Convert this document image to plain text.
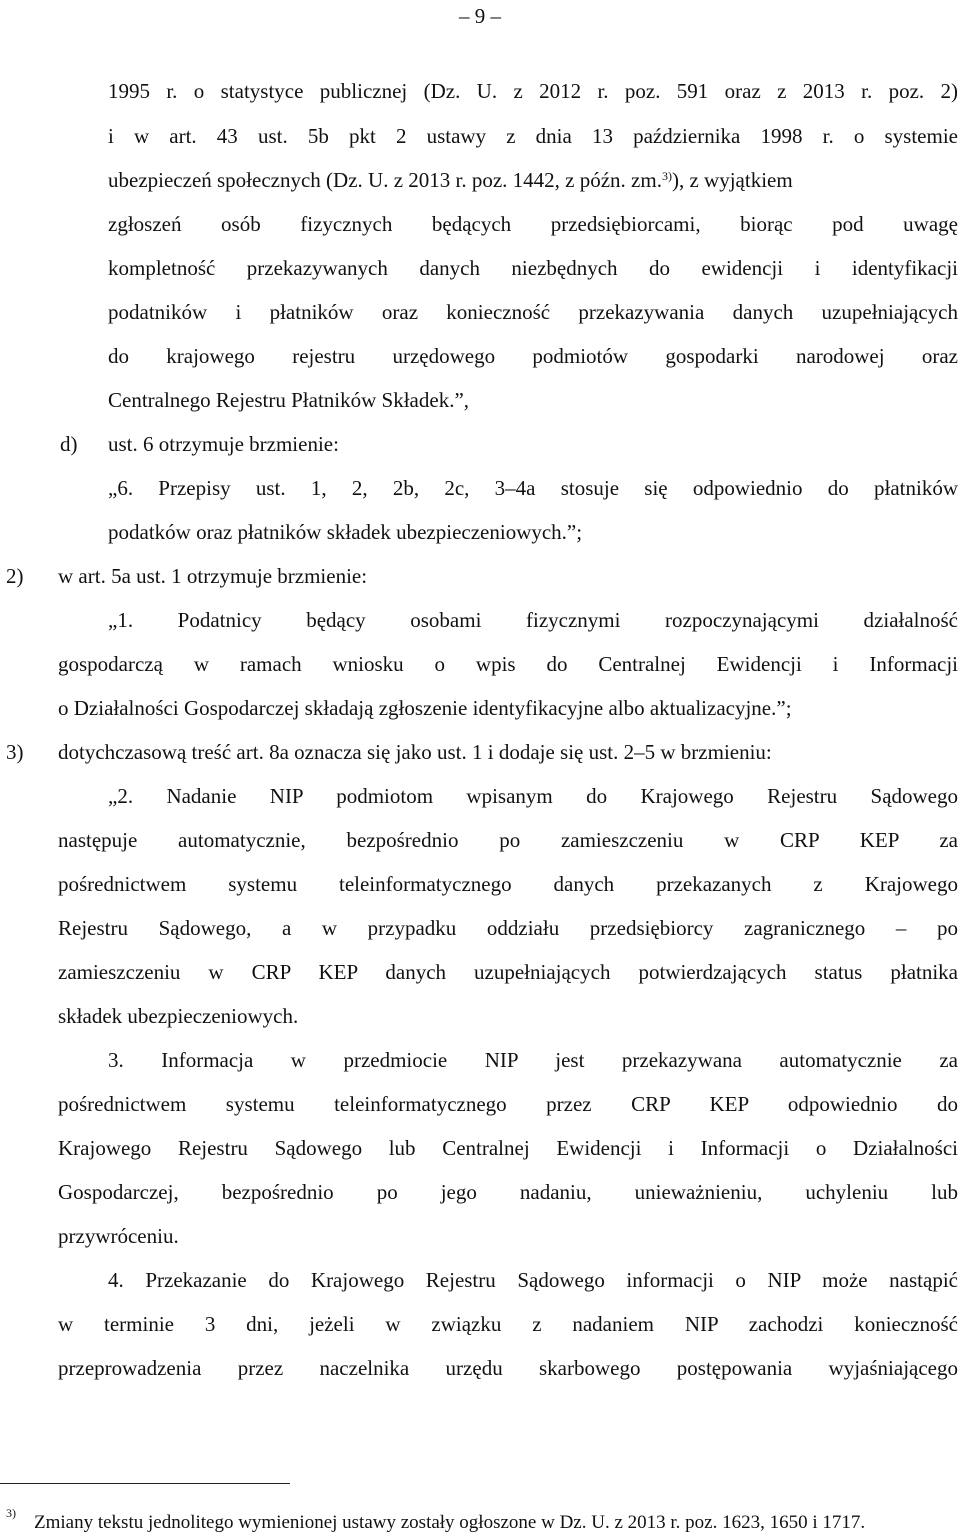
– 9 –
1995 r. o statystyce publicznej (Dz. U. z 2012 r. poz. 591 oraz z 2013 r. poz. 2)
i w art. 43 ust. 5b pkt 2 ustawy z dnia 13 października 1998 r. o systemie
ubezpieczeń społecznych (Dz. U. z 2013 r. poz. 1442, z późn. zm.$^{3)}$), z wyjątkiem
zgłoszeń osób fizycznych będących przedsiębiorcami, biorąc pod uwagę
kompletność przekazywanych danych niezbędnych do ewidencji i identyfikacji
podatników i płatników oraz konieczność przekazywania danych uzupełniających
do krajowego rejestru urzędowego podmiotów gospodarki narodowej oraz
Centralnego Rejestru Płatników Składek.”,
d) ust. 6 otrzymuje brzmienie:
„6. Przepisy ust. 1, 2, 2b, 2c, 3–4a stosuje się odpowiednio do płatników
podatków oraz płatników składek ubezpieczeniowych.”;
2) w art. 5a ust. 1 otrzymuje brzmienie:
„1. Podatnicy będący osobami fizycznymi rozpoczynającymi działalność
gospodarczą w ramach wniosku o wpis do Centralnej Ewidencji i Informacji
o Działalności Gospodarczej składają zgłoszenie identyfikacyjne albo aktualizacyjne.”;
3) dotychczasową treść art. 8a oznacza się jako ust. 1 i dodaje się ust. 2–5 w brzmieniu:
„2. Nadanie NIP podmiotom wpisanym do Krajowego Rejestru Sądowego
następuje automatycznie, bezpośrednio po zamieszczeniu w CRP KEP za
pośrednictwem systemu teleinformatycznego danych przekazanych z Krajowego
Rejestru Sądowego, a w przypadku oddziału przedsiębiorcy zagranicznego – po
zamieszczeniu w CRP KEP danych uzupełniających potwierdzających status płatnika
składek ubezpieczeniowych.
3. Informacja w przedmiocie NIP jest przekazywana automatycznie za
pośrednictwem systemu teleinformatycznego przez CRP KEP odpowiednio do
Krajowego Rejestru Sądowego lub Centralnej Ewidencji i Informacji o Działalności
Gospodarczej, bezpośrednio po jego nadaniu, unieważnieniu, uchyleniu lub
przywróceniu.
4. Przekazanie do Krajowego Rejestru Sądowego informacji o NIP może nastąpić
w terminie 3 dni, jeżeli w związku z nadaniem NIP zachodzi konieczność
przeprowadzenia przez naczelnika urzędu skarbowego postępowania wyjaśniającego
3) Zmiany tekstu jednolitego wymienionej ustawy zostały ogłoszone w Dz. U. z 2013 r. poz. 1623, 1650 i 1717.
